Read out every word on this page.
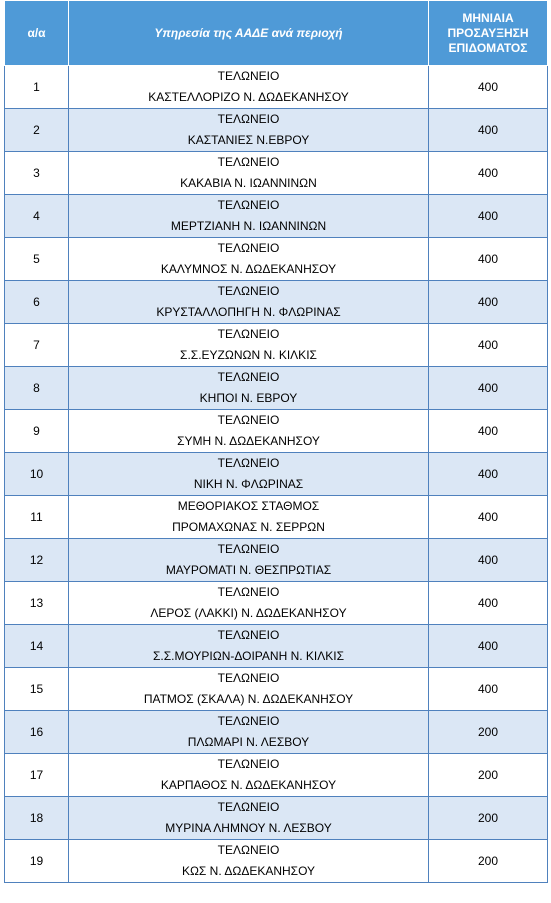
α/α	Υπηρεσία της ΑΑΔΕ ανά περιοχή	ΜΗΝΙΑΙΑ
ΠΡΟΣΑΥΞΗΣΗ
ΕΠΙΔΟΜΑΤΟΣ

1	ΤΕΛΩΝΕΙΟ
ΚΑΣΤΕΛΛΟΡΙΖΟ Ν. ΔΩΔΕΚΑΝΗΣΟΥ	400
2	ΤΕΛΩΝΕΙΟ
ΚΑΣΤΑΝΙΕΣ Ν.ΕΒΡΟΥ	400
3	ΤΕΛΩΝΕΙΟ
ΚΑΚΑΒΙΑ Ν. ΙΩΑΝΝΙΝΩΝ	400
4	ΤΕΛΩΝΕΙΟ
ΜΕΡΤΖΙΑΝΗ Ν. ΙΩΑΝΝΙΝΩΝ	400
5	ΤΕΛΩΝΕΙΟ
ΚΑΛΥΜΝΟΣ Ν. ΔΩΔΕΚΑΝΗΣΟΥ	400
6	ΤΕΛΩΝΕΙΟ
ΚΡΥΣΤΑΛΛΟΠΗΓΗ Ν. ΦΛΩΡΙΝΑΣ	400
7	ΤΕΛΩΝΕΙΟ
Σ.Σ.ΕΥΖΩΝΩΝ Ν. ΚΙΛΚΙΣ	400
8	ΤΕΛΩΝΕΙΟ
ΚΗΠΟΙ Ν. ΕΒΡΟΥ	400
9	ΤΕΛΩΝΕΙΟ
ΣΥΜΗ Ν. ΔΩΔΕΚΑΝΗΣΟΥ	400
10	ΤΕΛΩΝΕΙΟ
ΝΙΚΗ Ν. ΦΛΩΡΙΝΑΣ	400
11	ΜΕΘΟΡΙΑΚΟΣ ΣΤΑΘΜΟΣ
ΠΡΟΜΑΧΩΝΑΣ Ν. ΣΕΡΡΩΝ	400
12	ΤΕΛΩΝΕΙΟ
ΜΑΥΡΟΜΑΤΙ Ν. ΘΕΣΠΡΩΤΙΑΣ	400
13	ΤΕΛΩΝΕΙΟ
ΛΕΡΟΣ (ΛΑΚΚΙ) Ν. ΔΩΔΕΚΑΝΗΣΟΥ	400
14	ΤΕΛΩΝΕΙΟ
Σ.Σ.ΜΟΥΡΙΩΝ-ΔΟΙΡΑΝΗ Ν. ΚΙΛΚΙΣ	400
15	ΤΕΛΩΝΕΙΟ
ΠΑΤΜΟΣ (ΣΚΑΛΑ) Ν. ΔΩΔΕΚΑΝΗΣΟΥ	400
16	ΤΕΛΩΝΕΙΟ
ΠΛΩΜΑΡΙ Ν. ΛΕΣΒΟΥ	200
17	ΤΕΛΩΝΕΙΟ
ΚΑΡΠΑΘΟΣ Ν. ΔΩΔΕΚΑΝΗΣΟΥ	200
18	ΤΕΛΩΝΕΙΟ
ΜΥΡΙΝΑ ΛΗΜΝΟΥ Ν. ΛΕΣΒΟΥ	200
19	ΤΕΛΩΝΕΙΟ
ΚΩΣ Ν. ΔΩΔΕΚΑΝΗΣΟΥ	200
